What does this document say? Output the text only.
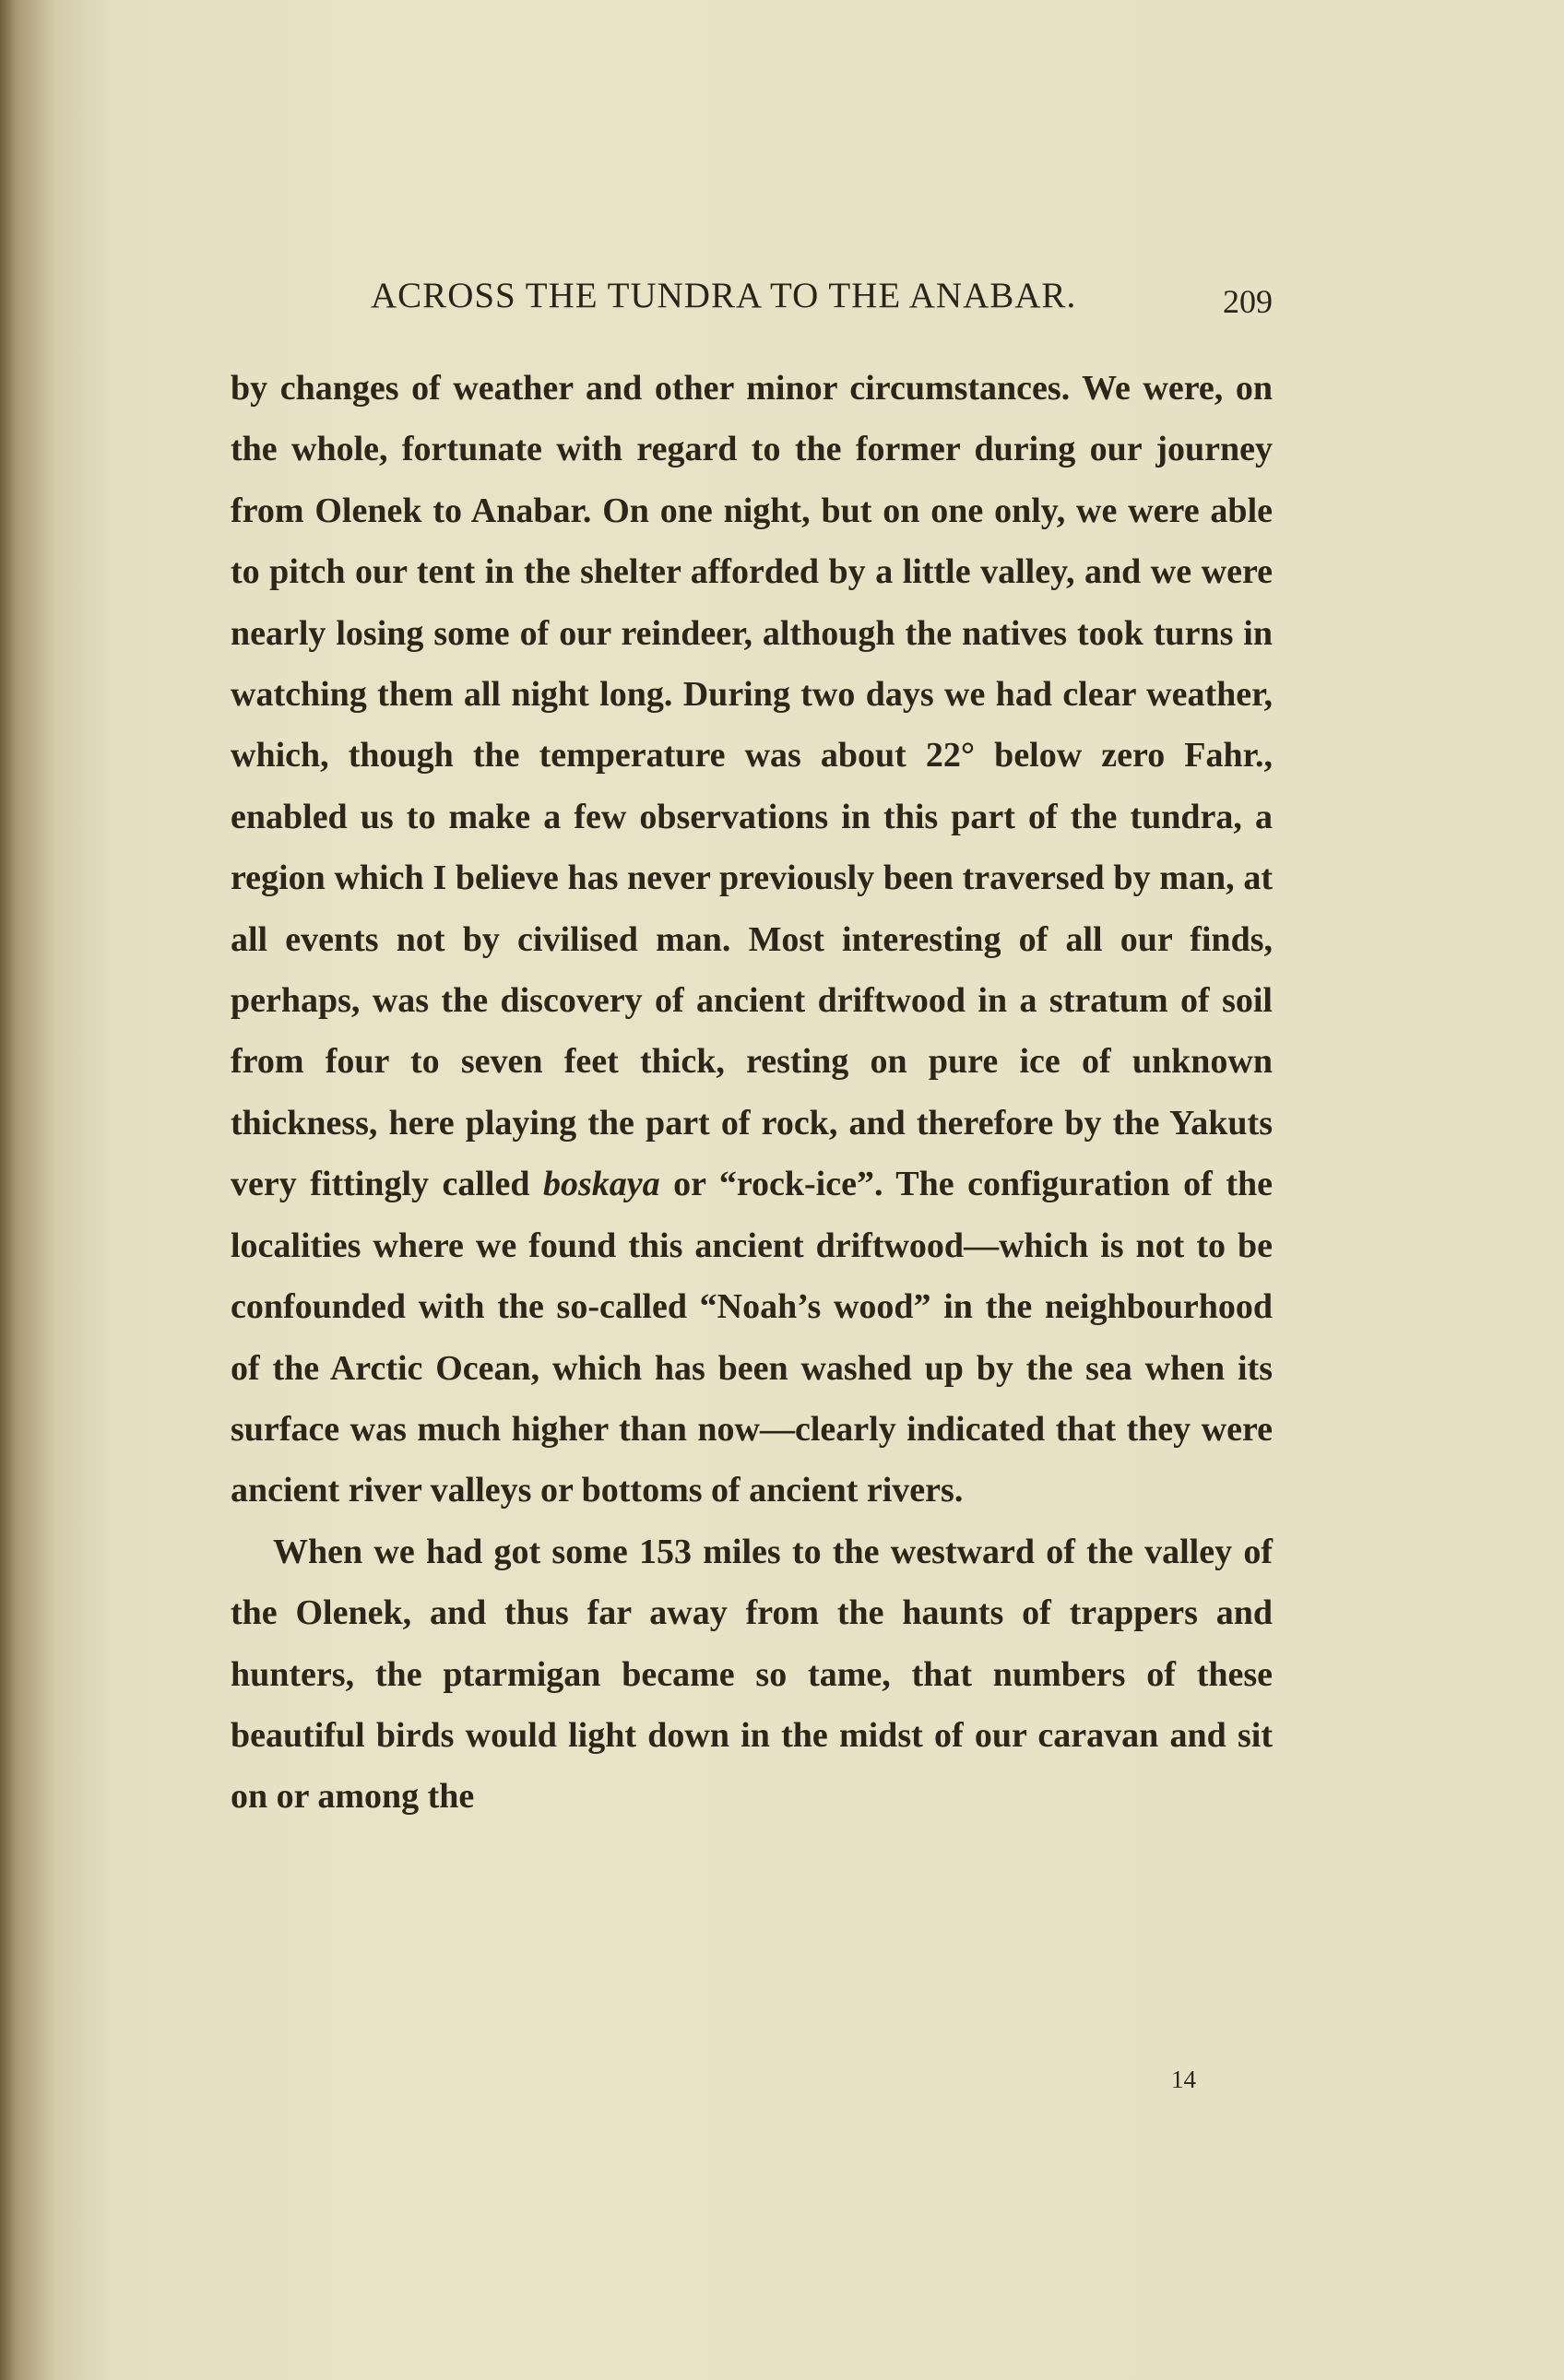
ACROSS THE TUNDRA TO THE ANABAR.	209

by changes of weather and other minor circumstances. We were, on the whole, fortunate with regard to the former during our journey from Olenek to Anabar. On one night, but on one only, we were able to pitch our tent in the shelter afforded by a little valley, and we were nearly losing some of our reindeer, although the natives took turns in watching them all night long. During two days we had clear weather, which, though the temperature was about 22° below zero Fahr., enabled us to make a few observations in this part of the tundra, a region which I believe has never previously been traversed by man, at all events not by civilised man. Most interesting of all our finds, perhaps, was the discovery of ancient driftwood in a stratum of soil from four to seven feet thick, resting on pure ice of unknown thickness, here playing the part of rock, and therefore by the Yakuts very fittingly called boskaya or “rock-ice”. The configuration of the localities where we found this ancient driftwood—which is not to be confounded with the so-called “Noah’s wood” in the neighbourhood of the Arctic Ocean, which has been washed up by the sea when its surface was much higher than now—clearly indicated that they were ancient river valleys or bottoms of ancient rivers.

When we had got some 153 miles to the westward of the valley of the Olenek, and thus far away from the haunts of trappers and hunters, the ptarmigan became so tame, that numbers of these beautiful birds would light down in the midst of our caravan and sit on or among the

14
